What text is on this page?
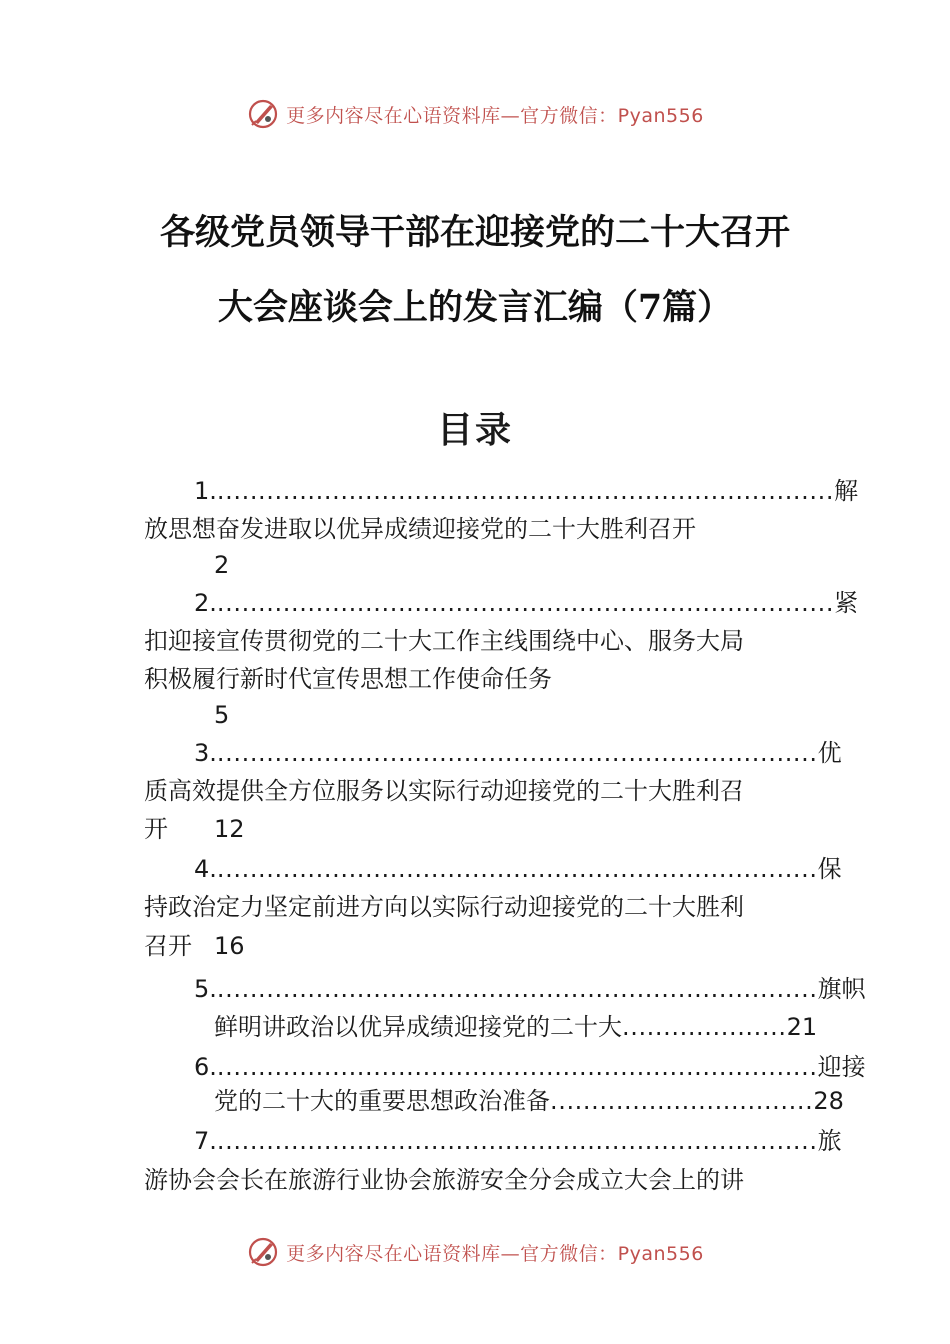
更多内容尽在心语资料库—官方微信：Pyan556
各级党员领导干部在迎接党的二十大召开
大会座谈会上的发言汇编（7篇）
目录
1............................................................................解
放思想奋发进取以优异成绩迎接党的二十大胜利召开
2
2............................................................................紧
扣迎接宣传贯彻党的二十大工作主线围绕中心、服务大局
积极履行新时代宣传思想工作使命任务
5
3..........................................................................优
质高效提供全方位服务以实际行动迎接党的二十大胜利召
开 12
4..........................................................................保
持政治定力坚定前进方向以实际行动迎接党的二十大胜利
召开 16
5..........................................................................旗帜
鲜明讲政治以优异成绩迎接党的二十大....................21
6..........................................................................迎接
党的二十大的重要思想政治准备................................28
7..........................................................................旅
游协会会长在旅游行业协会旅游安全分会成立大会上的讲
更多内容尽在心语资料库—官方微信：Pyan556
